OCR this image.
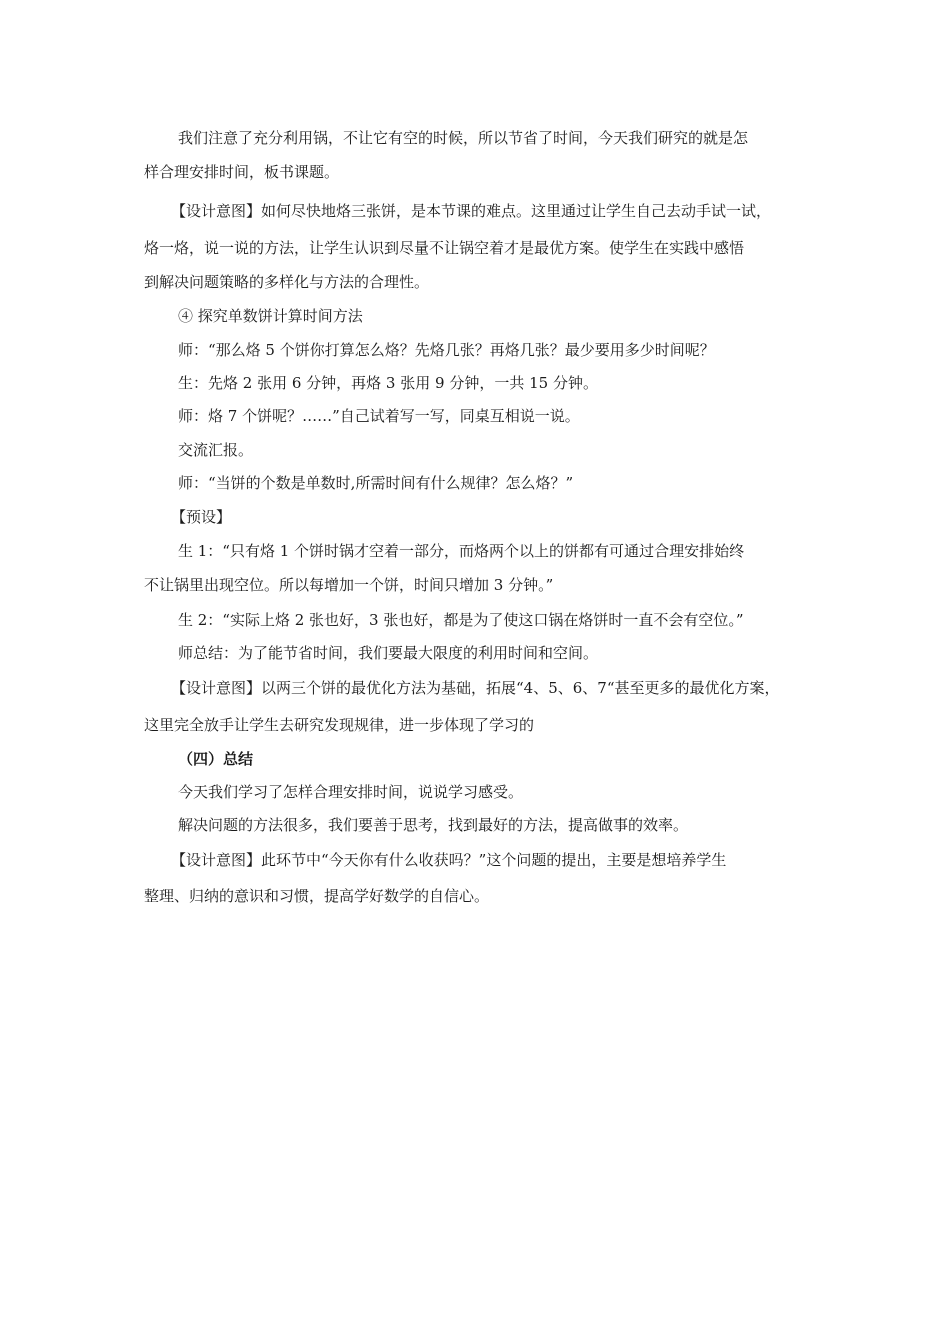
我们注意了充分利用锅，不让它有空的时候，所以节省了时间，今天我们研究的就是怎
样合理安排时间，板书课题。
【设计意图】如何尽快地烙三张饼，是本节课的难点。这里通过让学生自己去动手试一试，
烙一烙，说一说的方法，让学生认识到尽量不让锅空着才是最优方案。使学生在实践中感悟
到解决问题策略的多样化与方法的合理性。
④ 探究单数饼计算时间方法
师：“那么烙 5 个饼你打算怎么烙？先烙几张？再烙几张？最少要用多少时间呢？
生：先烙 2 张用 6 分钟，再烙 3 张用 9 分钟，一共 15 分钟。
师：烙 7 个饼呢？……”自己试着写一写，同桌互相说一说。
交流汇报。
师：“当饼的个数是单数时,所需时间有什么规律？怎么烙？”
【预设】
生 1：“只有烙 1 个饼时锅才空着一部分，而烙两个以上的饼都有可通过合理安排始终
不让锅里出现空位。所以每增加一个饼，时间只增加 3 分钟。”
生 2：“实际上烙 2 张也好，3 张也好，都是为了使这口锅在烙饼时一直不会有空位。”
师总结：为了能节省时间，我们要最大限度的利用时间和空间。
【设计意图】以两三个饼的最优化方法为基础，拓展“4、5、6、7“甚至更多的最优化方案，
这里完全放手让学生去研究发现规律，进一步体现了学习的
（四）总结
今天我们学习了怎样合理安排时间，说说学习感受。
解决问题的方法很多，我们要善于思考，找到最好的方法，提高做事的效率。
【设计意图】此环节中“今天你有什么收获吗？”这个问题的提出，主要是想培养学生
整理、归纳的意识和习惯，提高学好数学的自信心。
